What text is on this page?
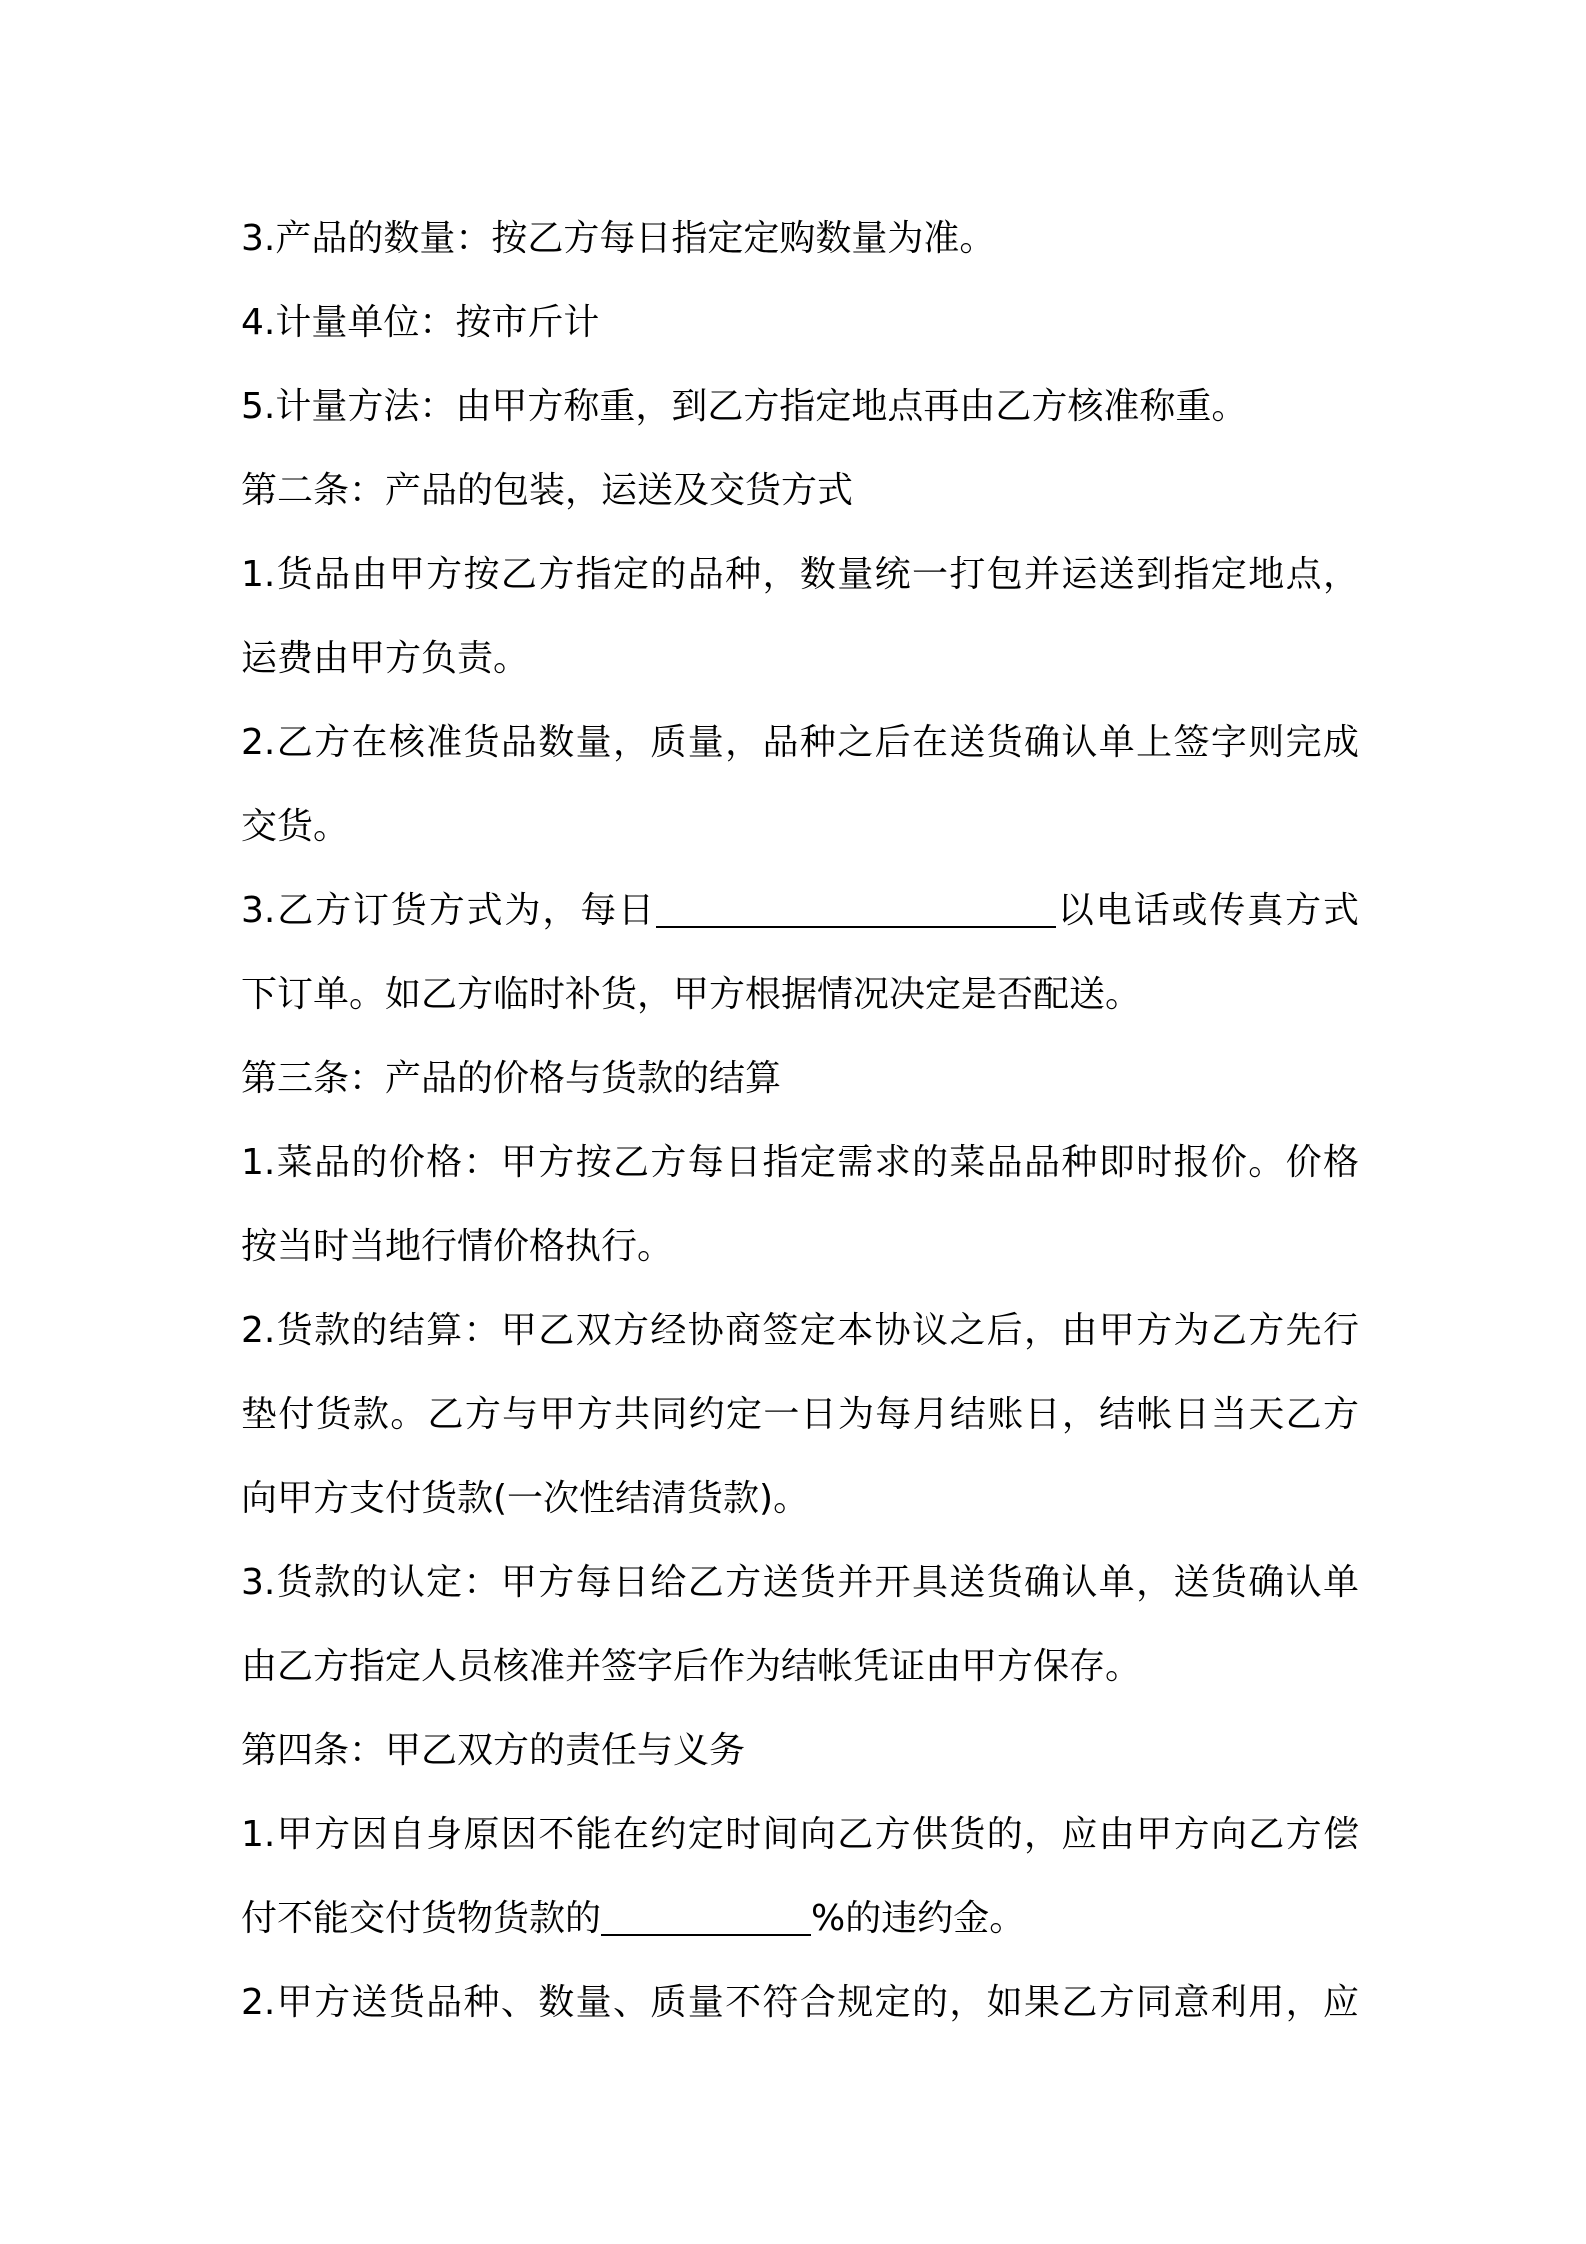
3.产品的数量：按乙方每日指定定购数量为准。
4.计量单位：按市斤计
5.计量方法：由甲方称重，到乙方指定地点再由乙方核准称重。
第二条：产品的包装，运送及交货方式
1.货品由甲方按乙方指定的品种，数量统一打包并运送到指定地点，
运费由甲方负责。
2.乙方在核准货品数量，质量，品种之后在送货确认单上签字则完成
交货。
3.乙方订货方式为，每日	以电话或传真方式
下订单。如乙方临时补货，甲方根据情况决定是否配送。
第三条：产品的价格与货款的结算
1.菜品的价格：甲方按乙方每日指定需求的菜品品种即时报价。价格
按当时当地行情价格执行。
2.货款的结算：甲乙双方经协商签定本协议之后，由甲方为乙方先行
垫付货款。乙方与甲方共同约定一日为每月结账日，结帐日当天乙方
向甲方支付货款(一次性结清货款)。
3.货款的认定：甲方每日给乙方送货并开具送货确认单，送货确认单
由乙方指定人员核准并签字后作为结帐凭证由甲方保存。
第四条：甲乙双方的责任与义务
1.甲方因自身原因不能在约定时间向乙方供货的，应由甲方向乙方偿
付不能交付货物货款的	%的违约金。
2.甲方送货品种、数量、质量不符合规定的，如果乙方同意利用，应
